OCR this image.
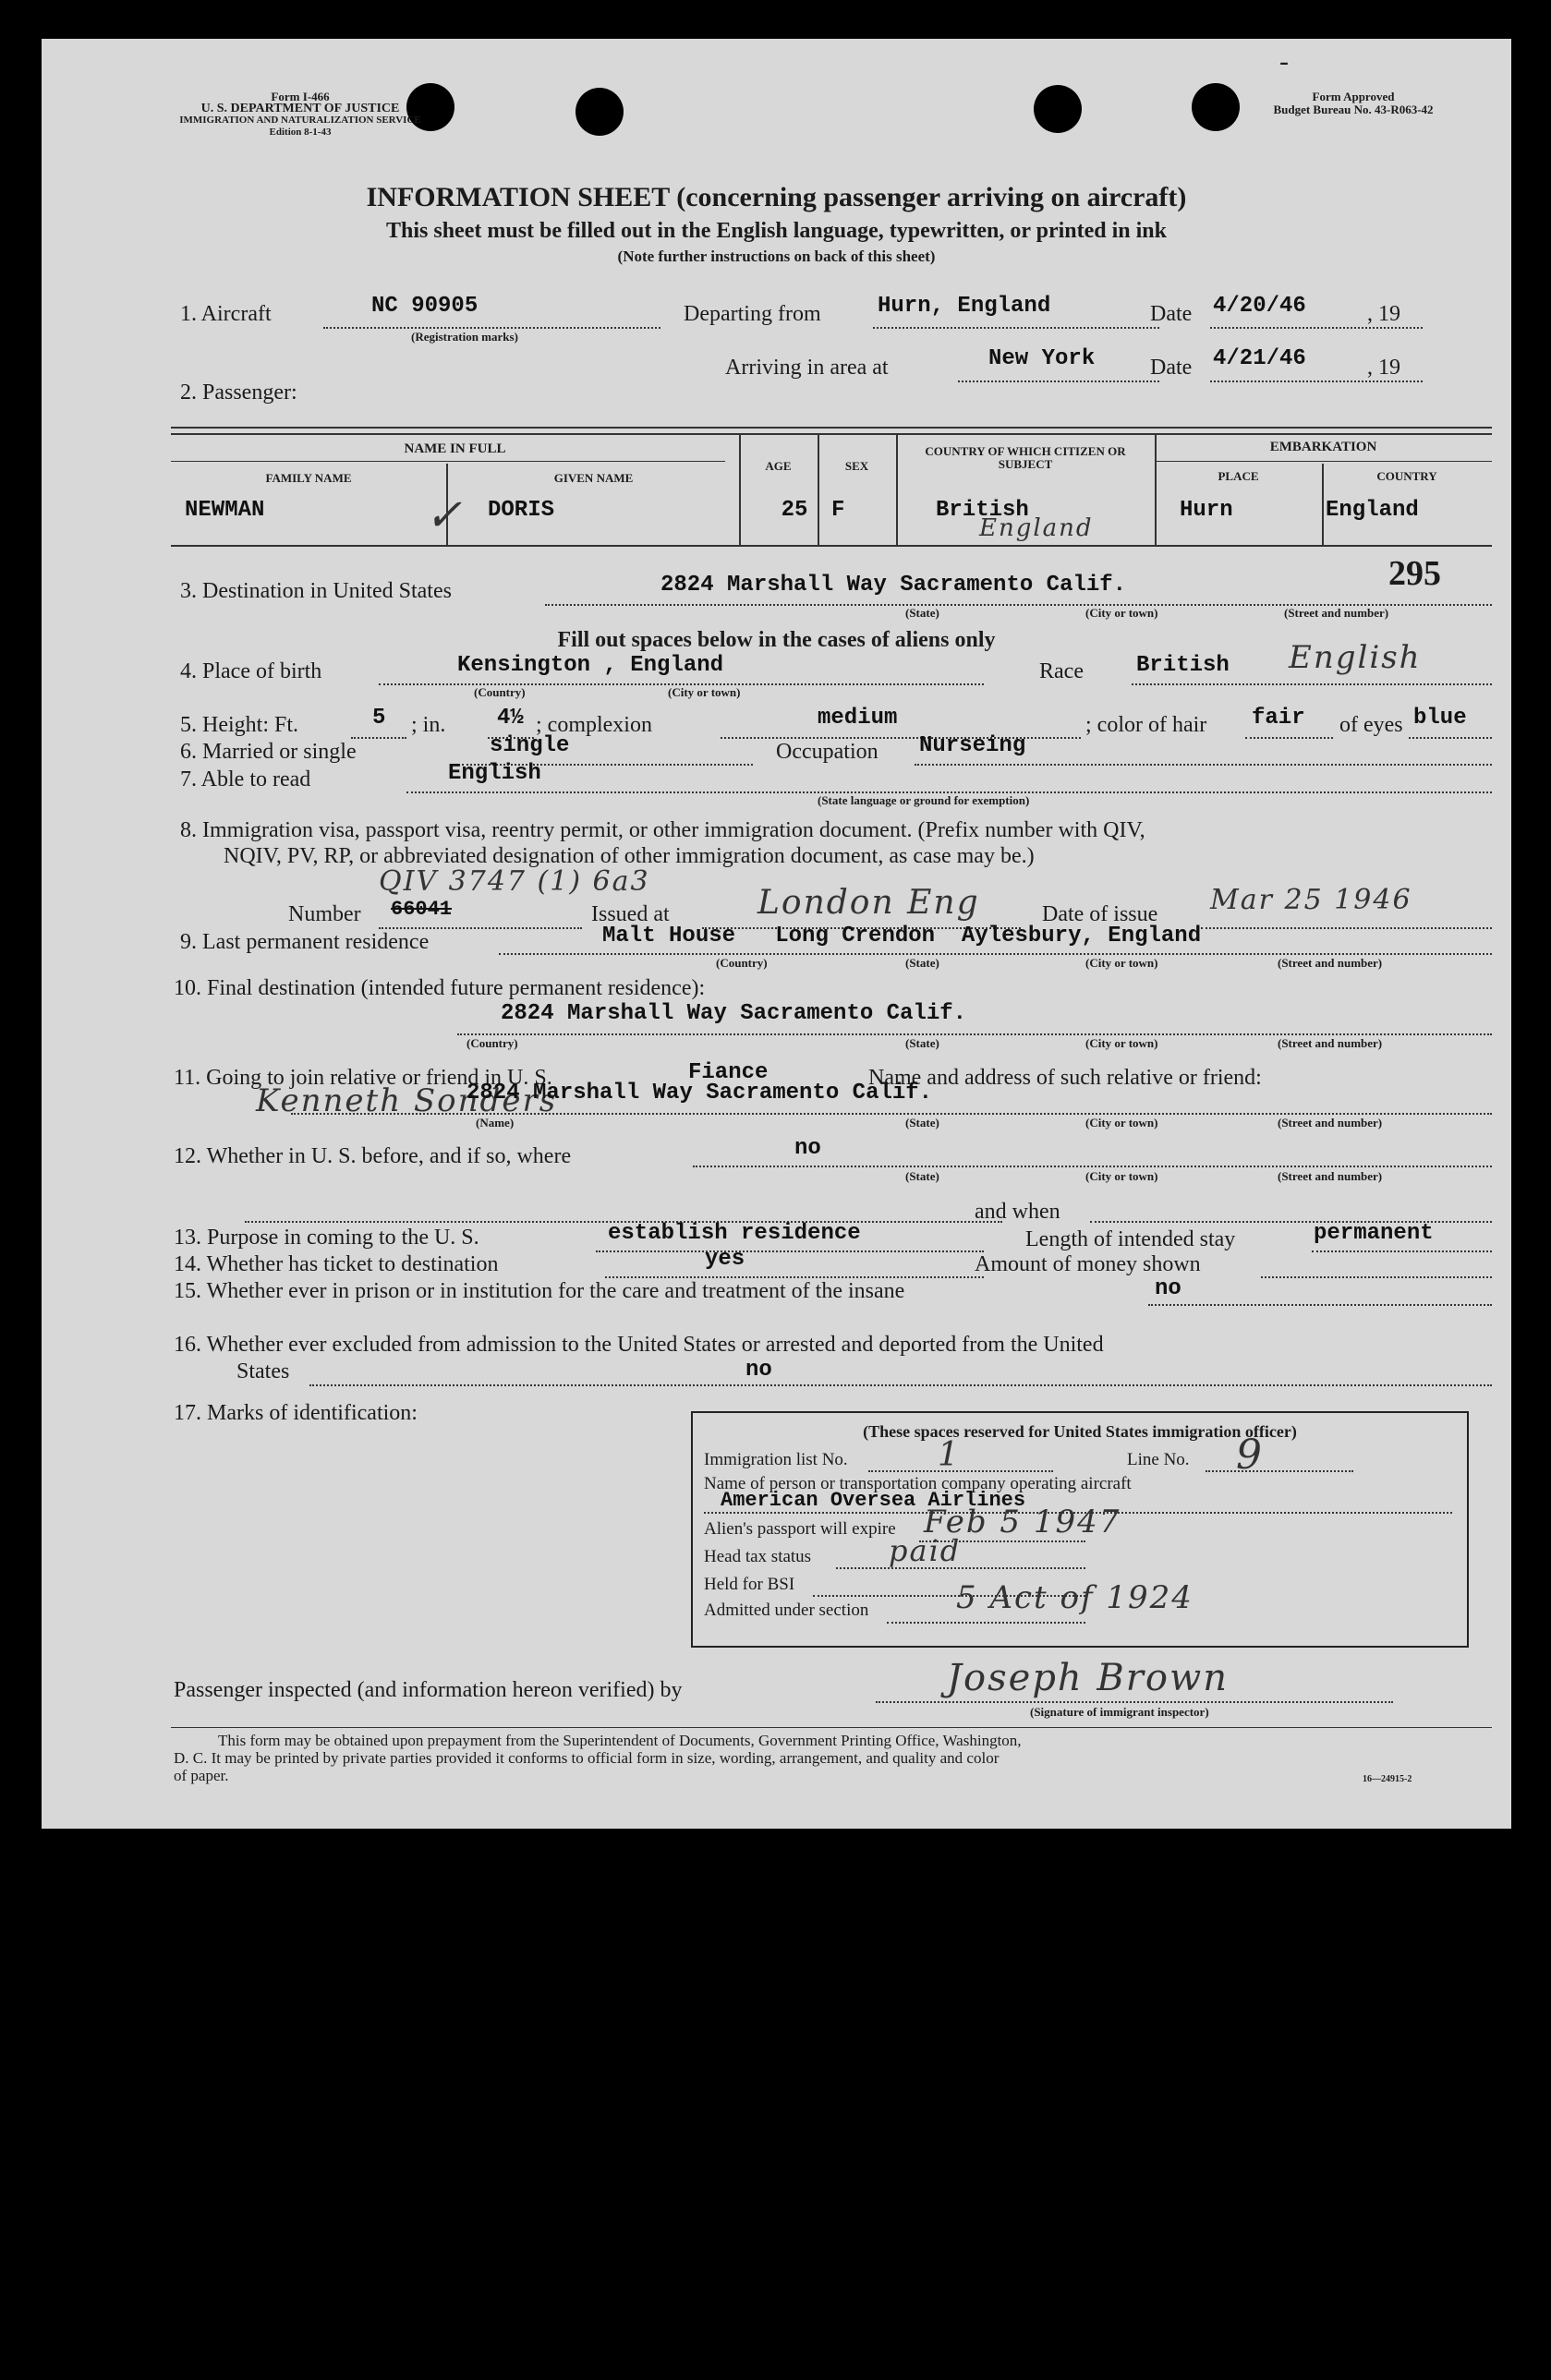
Form I-466
U. S. DEPARTMENT OF JUSTICE
IMMIGRATION AND NATURALIZATION SERVICE
Edition 8-1-43
Form Approved
Budget Bureau No. 43-R063-42
-
INFORMATION SHEET (concerning passenger arriving on aircraft)
This sheet must be filled out in the English language, typewritten, or printed in ink
(Note further instructions on back of this sheet)
1. Aircraft	NC 90905
(Registration marks)
Departing from	Hurn, England	Date 4/20/46	, 19
Arriving in area at	New York Date 4/21/46	, 19
2. Passenger:
NAME IN FULL
FAMILY NAME	GIVEN NAME
AGE	SEX
COUNTRY OF WHICH CITIZEN OR SUBJECT
EMBARKATION
PLACE	COUNTRY
NEWMAN	✓ DORIS	25	F	British
England
Hurn	England
3. Destination in United States	2824 Marshall Way Sacramento Calif.	295
(State)	(City or town)	(Street and number)
Fill out spaces below in the cases of aliens only
4. Place of birth	Kensington , England
(Country)	(City or town)
Race British English
5. Height: Ft.	5 ; in. 4½ ; complexion	medium	; color of hair fair of eyes blue
6. Married or single	single	Occupation Nurseing
7. Able to read	English
(State language or ground for exemption)
8. Immigration visa, passport visa, reentry permit, or other immigration document. (Prefix number with QIV,
NQIV, PV, RP, or abbreviated designation of other immigration document, as case may be.)
Number
QIV 3747 (1) 6a3
66041	Issued at	London Eng	Date of issue Mar 25 1946
9. Last permanent residence	Malt House   Long Crendon  Aylesbury, England
(Country)	(State)	(City or town)	(Street and number)
10. Final destination (intended future permanent residence):
2824 Marshall Way Sacramento Calif.
(Country)	(State)	(City or town)	(Street and number)
11. Going to join relative or friend in U. S.	Fiance	Name and address of such relative or friend:
Kenneth Sonders
2824 Marshall Way Sacramento Calif.
(Name)	(State)	(City or town)	(Street and number)
12. Whether in U. S. before, and if so, where	no
(State)	(City or town)	(Street and number)
and when
13. Purpose in coming to the U. S.	establish residence	Length of intended stay	permanent
14. Whether has ticket to destination	yes	Amount of money shown
15. Whether ever in prison or in institution for the care and treatment of the insane	no
16. Whether ever excluded from admission to the United States or arrested and deported from the United
States	no
17. Marks of identification:
(These spaces reserved for United States immigration officer)
Immigration list No.	1	Line No. 9
Name of person or transportation company operating aircraft
American Oversea Airlines
Alien's passport will expire Feb 5 1947
Head tax status	paid
Held for BSI
Admitted under section	5 Act of 1924
Passenger inspected (and information hereon verified) by	Joseph Brown
(Signature of immigrant inspector)
This form may be obtained upon prepayment from the Superintendent of Documents, Government Printing Office, Washington,
D. C. It may be printed by private parties provided it conforms to official form in size, wording, arrangement, and quality and color
of paper.	16—24915-2
